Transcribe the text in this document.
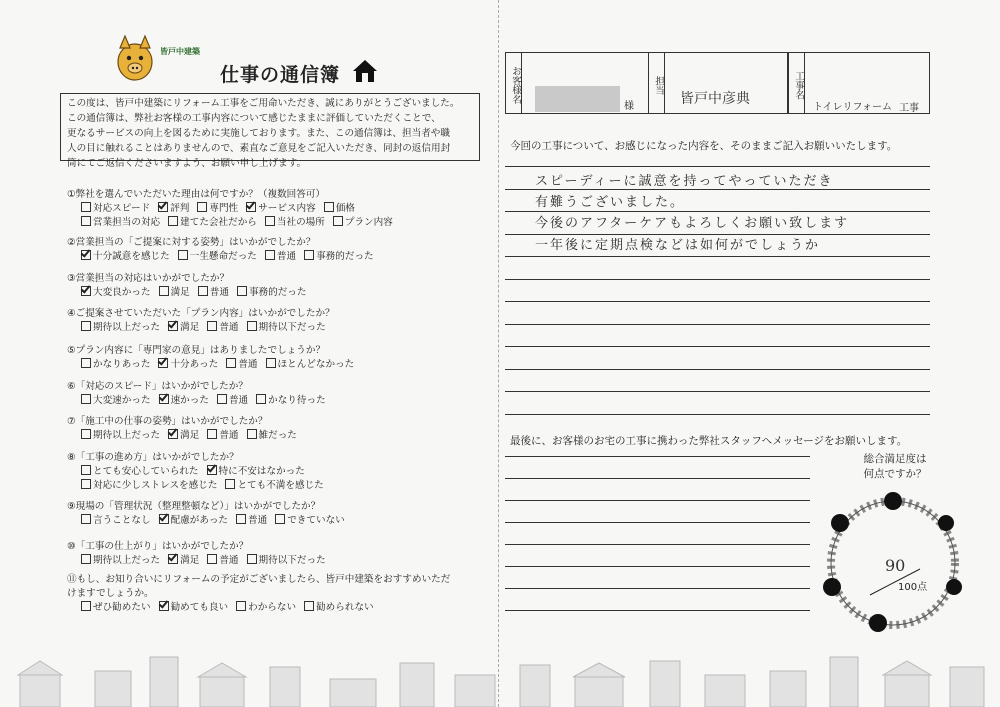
皆戸中建築
仕事の通信簿

この度は、皆戸中建築にリフォーム工事をご用命いただき、誠にありがとうございました。
この通信簿は、弊社お客様の工事内容について感じたままに評価していただくことで、
更なるサービスの向上を図るために実施しております。また、この通信簿は、担当者や職
人の目に触れることはありませんので、素直なご意見をご記入いただき、同封の返信用封
筒にてご返信くださいますよう、お願い申し上げます。

①弊社を選んでいただいた理由は何ですか？（複数回答可）
対応スピード 評判 専門性 サービス内容 価格
営業担当の対応 建てた会社だから 当社の場所 プラン内容
②営業担当の「ご提案に対する姿勢」はいかがでしたか？
十分誠意を感じた 一生懸命だった 普通 事務的だった
③営業担当の対応はいかがでしたか？
大変良かった 満足 普通 事務的だった
④ご提案させていただいた「プラン内容」はいかがでしたか？
期待以上だった 満足 普通 期待以下だった
⑤プラン内容に「専門家の意見」はありましたでしょうか？
かなりあった 十分あった 普通 ほとんどなかった
⑥「対応のスピード」はいかがでしたか？
大変速かった 速かった 普通 かなり待った
⑦「施工中の仕事の姿勢」はいかがでしたか？
期待以上だった 満足 普通 雑だった
⑧「工事の進め方」はいかがでしたか？
とても安心していられた 特に不安はなかった
対応に少しストレスを感じた とても不満を感じた
⑨現場の「管理状況（整理整頓など）」はいかがでしたか？
言うことなし 配慮があった 普通 できていない
⑩「工事の仕上がり」はいかがでしたか？
期待以上だった 満足 普通 期待以下だった
⑪もし、お知り合いにリフォームの予定がございましたら、皆戸中建築をおすすめいただ
けますでしょうか。
ぜひ勧めたい 勧めても良い わからない 勧められない
お客様名
様
担当
皆戸中彦典	工事名
トイレリフォーム 工事
今回の工事について、お感じになった内容を、そのままご記入お願いいたします。
スピーディーに誠意を持ってやっていただき
有難うございました。
今後のアフターケアもよろしくお願い致します
一年後に定期点検などは如何がでしょうか
最後に、お客様のお宅の工事に携わった弊社スタッフへメッセージをお願いします。
総合満足度は
何点ですか？
90
100点
